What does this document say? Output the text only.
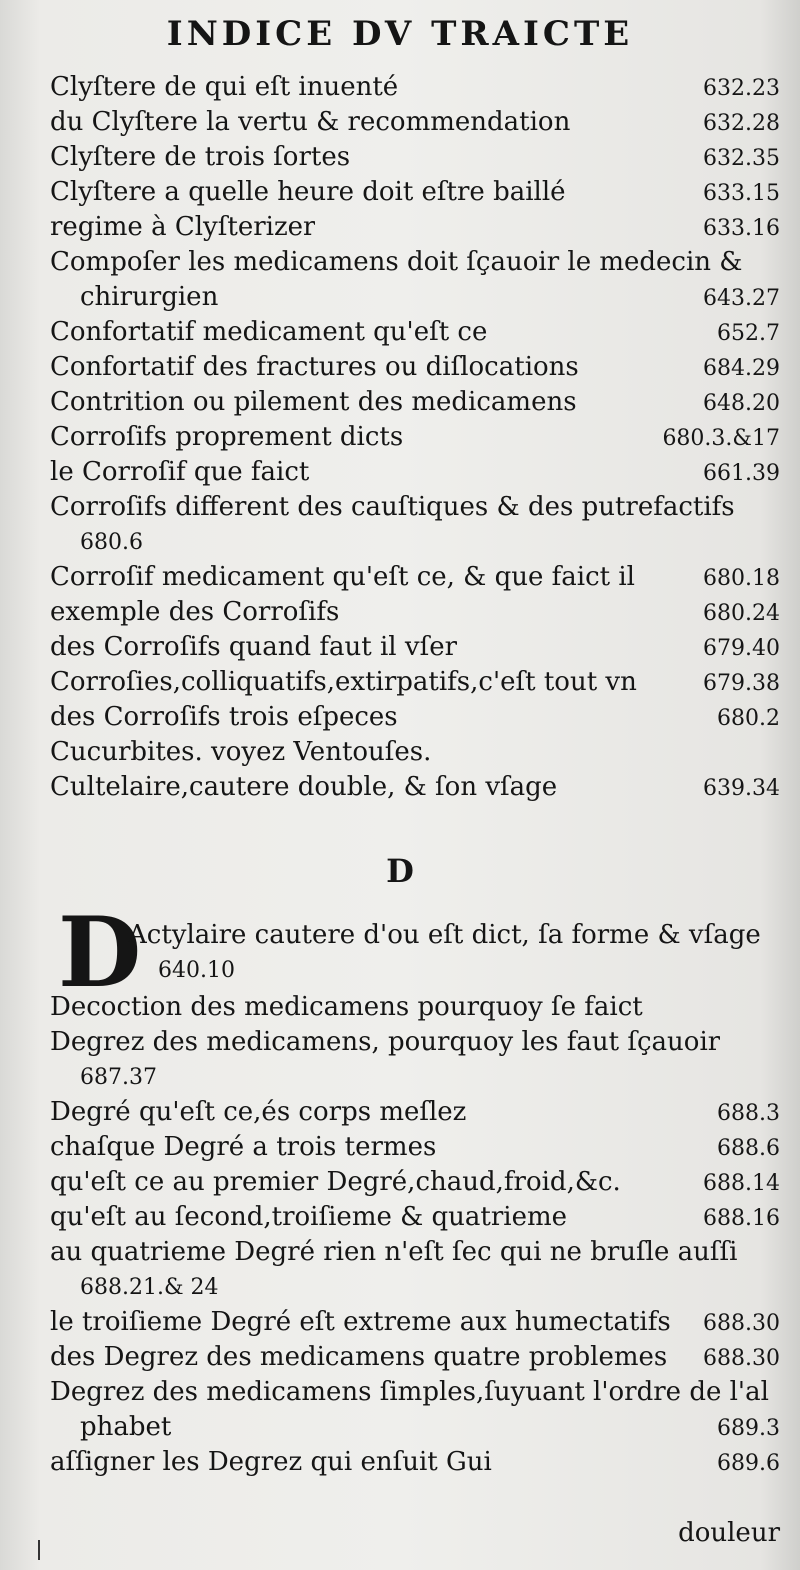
INDICE DV TRAICTE
Clyſtere de qui eſt inuenté	632.23
du Clyſtere la vertu & recommendation	632.28
Clyſtere de trois ſortes	632.35
Clyſtere a quelle heure doit eſtre baillé	633.15
regime à Clyſterizer	633.16
Compoſer les medicamens doit ſçauoir le medecin &
chirurgien	643.27
Confortatif medicament qu'eſt ce	652.7
Confortatif des fractures ou diſlocations	684.29
Contrition ou pilement des medicamens	648.20
Corroſifs proprement dicts	680.3.&17
le Corroſif que faict	661.39
Corroſifs different des cauſtiques & des putrefactifs
680.6
Corroſif medicament qu'eſt ce, & que faict il	680.18
exemple des Corroſifs	680.24
des Corroſifs quand faut il vſer	679.40
Corroſies,colliquatifs,extirpatifs,c'eſt tout vn	679.38
des Corroſifs trois eſpeces	680.2
Cucurbites. voyez Ventouſes.
Cultelaire,cautere double, & ſon vſage	639.34
D
D
Actylaire cautere d'ou eſt dict, ſa forme & vſage
640.10
Decoction des medicamens pourquoy ſe faict
Degrez des medicamens, pourquoy les faut ſçauoir
687.37
Degré qu'eſt ce,és corps meſlez	688.3
chaſque Degré a trois termes	688.6
qu'eſt ce au premier Degré,chaud,froid,&c.	688.14
qu'eſt au ſecond,troiſieme & quatrieme	688.16
au quatrieme Degré rien n'eſt ſec qui ne bruſle auſſi
688.21.& 24
le troiſieme Degré eſt extreme aux humectatifs	688.30
des Degrez des medicamens quatre problemes	688.30
Degrez des medicamens ſimples,ſuyuant l'ordre de l'al
phabet	689.3
aſſigner les Degrez qui enſuit Gui	689.6
douleur
